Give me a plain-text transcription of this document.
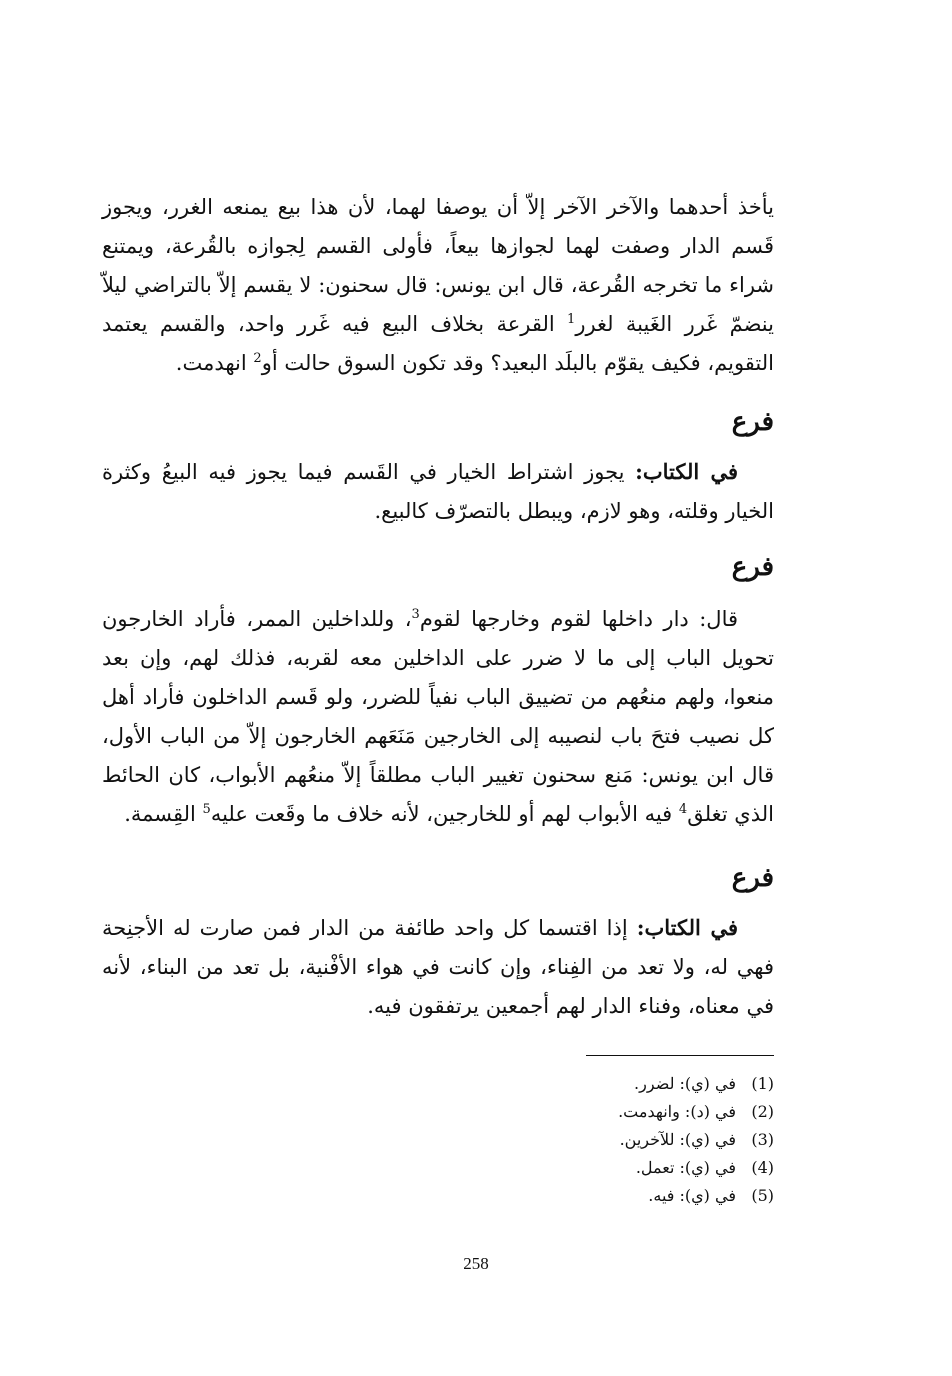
يأخذ أحدهما والآخر الآخر إلاّ أن يوصفا لهما، لأن هذا بيع يمنعه الغرر، ويجوز قَسم الدار وصفت لهما لجوازها بيعاً، فأولى القسم لِجوازه بالقُرعة، ويمتنع شراء ما تخرجه القُرعة، قال ابن يونس: قال سحنون: لا يقسم إلاّ بالتراضي ليلاّ ينضمّ غَرر الغَيبة لغرر$^1$ القرعة بخلاف البيع فيه غَرر واحد، والقسم يعتمد التقويم، فكيف يقوّم بالبلَد البعيد؟ وقد تكون السوق حالت أو$^2$ انهدمت.

فرع

في الكتاب: يجوز اشتراط الخيار في القَسم فيما يجوز فيه البيعُ وكثرة الخيار وقلته، وهو لازم، ويبطل بالتصرّف كالبيع.

فرع

قال: دار داخلها لقوم وخارجها لقوم$^3$، وللداخلين الممر، فأراد الخارجون تحويل الباب إلى ما لا ضرر على الداخلين معه لقربه، فذلك لهم، وإن بعد منعوا، ولهم منعُهم من تضييق الباب نفياً للضرر، ولو قَسم الداخلون فأراد أهل كل نصيب فتحَ باب لنصيبه إلى الخارجين مَنَعَهم الخارجون إلاّ من الباب الأول، قال ابن يونس: مَنع سحنون تغيير الباب مطلقاً إلاّ منعُهم الأبواب، كان الحائط الذي تغلق$^4$ فيه الأبواب لهم أو للخارجين، لأنه خلاف ما وقَعت عليه$^5$ القِسمة.

فرع

في الكتاب: إذا اقتسما كل واحد طائفة من الدار فمن صارت له الأجنِحة فهي له، ولا تعد من الفِناء، وإن كانت في هواء الأفْنية، بل تعد من البناء، لأنه في معناه، وفناء الدار لهم أجمعين يرتفقون فيه.

(1)
في (ي): لضرر.
(2)
في (د): وانهدمت.
(3)
في (ي): للآخرين.
(4)
في (ي): تعمل.
(5)
في (ي): فيه.
258
